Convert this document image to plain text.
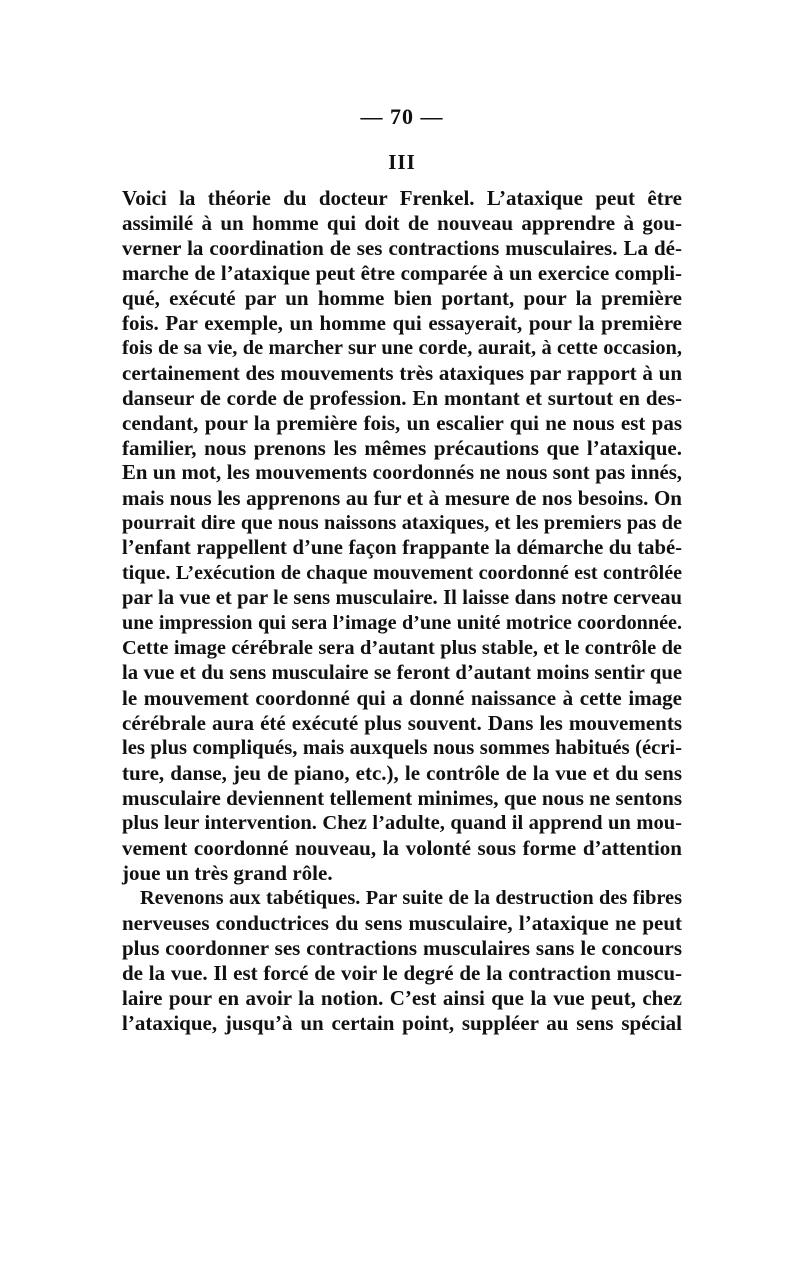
— 70 —
III
Voici la théorie du docteur Frenkel. L’ataxique peut être
assimilé à un homme qui doit de nouveau apprendre à gou-
verner la coordination de ses contractions musculaires. La dé-
marche de l’ataxique peut être comparée à un exercice compli-
qué, exécuté par un homme bien portant, pour la première
fois. Par exemple, un homme qui essayerait, pour la première
fois de sa vie, de marcher sur une corde, aurait, à cette occasion,
certainement des mouvements très ataxiques par rapport à un
danseur de corde de profession. En montant et surtout en des-
cendant, pour la première fois, un escalier qui ne nous est pas
familier, nous prenons les mêmes précautions que l’ataxique.
En un mot, les mouvements coordonnés ne nous sont pas innés,
mais nous les apprenons au fur et à mesure de nos besoins. On
pourrait dire que nous naissons ataxiques, et les premiers pas de
l’enfant rappellent d’une façon frappante la démarche du tabé-
tique. L’exécution de chaque mouvement coordonné est contrôlée
par la vue et par le sens musculaire. Il laisse dans notre cerveau
une impression qui sera l’image d’une unité motrice coordonnée.
Cette image cérébrale sera d’autant plus stable, et le contrôle de
la vue et du sens musculaire se feront d’autant moins sentir que
le mouvement coordonné qui a donné naissance à cette image
cérébrale aura été exécuté plus souvent. Dans les mouvements
les plus compliqués, mais auxquels nous sommes habitués (écri-
ture, danse, jeu de piano, etc.), le contrôle de la vue et du sens
musculaire deviennent tellement minimes, que nous ne sentons
plus leur intervention. Chez l’adulte, quand il apprend un mou-
vement coordonné nouveau, la volonté sous forme d’attention
joue un très grand rôle.
Revenons aux tabétiques. Par suite de la destruction des fibres
nerveuses conductrices du sens musculaire, l’ataxique ne peut
plus coordonner ses contractions musculaires sans le concours
de la vue. Il est forcé de voir le degré de la contraction muscu-
laire pour en avoir la notion. C’est ainsi que la vue peut, chez
l’ataxique, jusqu’à un certain point, suppléer au sens spécial
